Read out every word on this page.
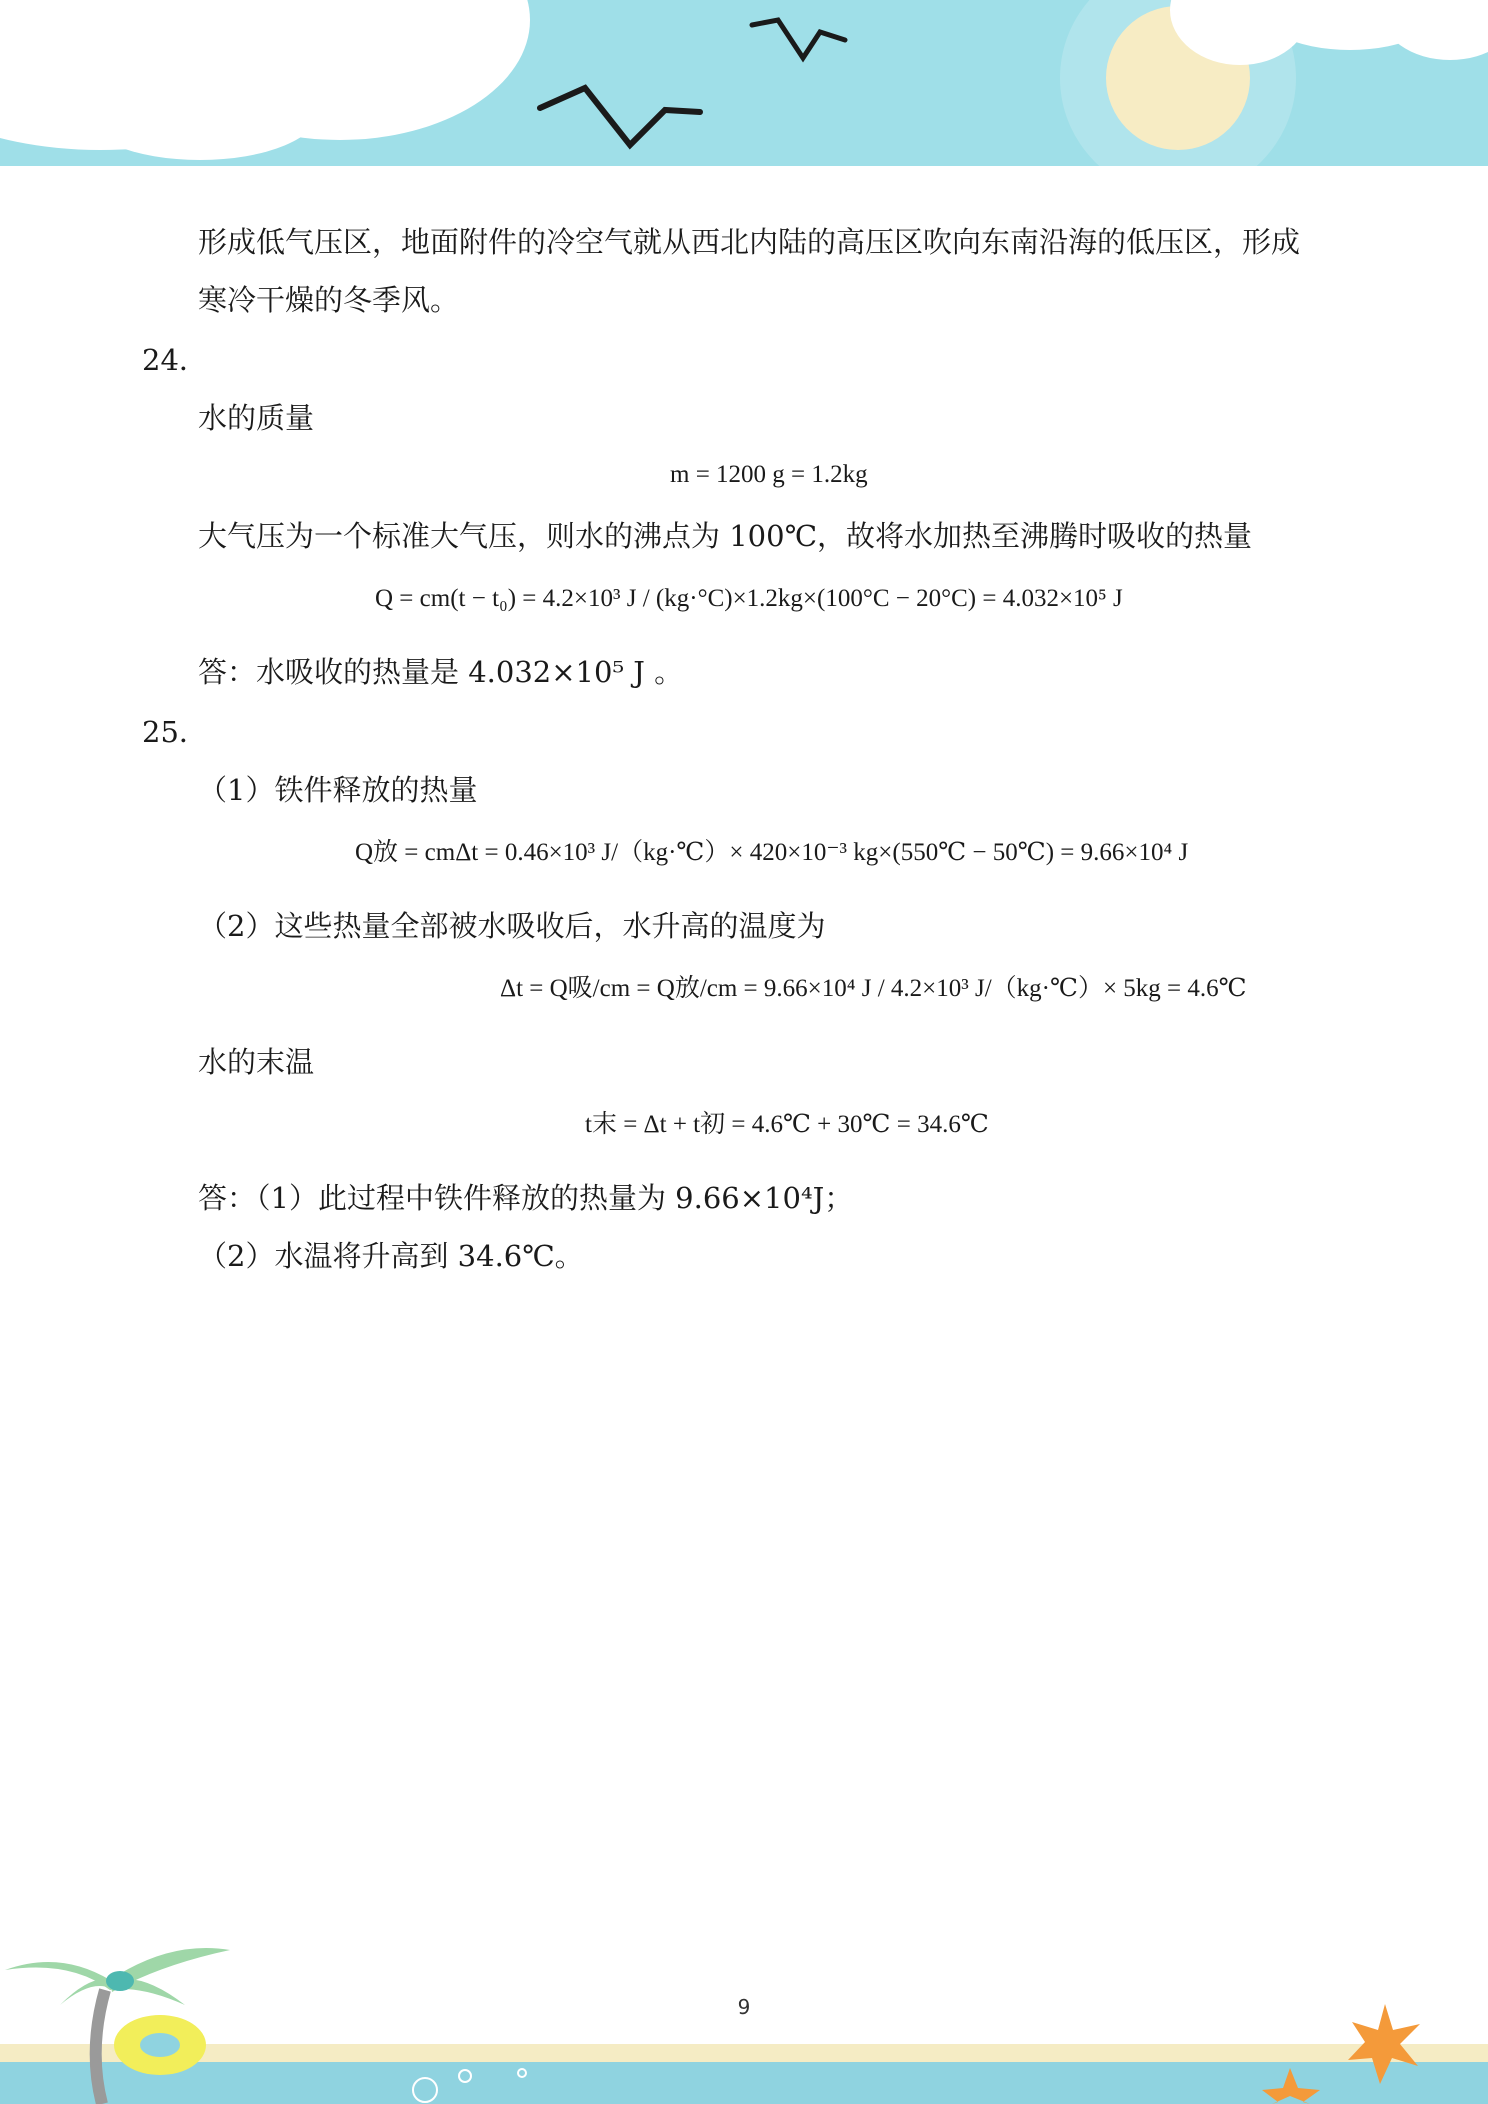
形成低气压区，地面附件的冷空气就从西北内陆的高压区吹向东南沿海的低压区，形成
寒冷干燥的冬季风。
24．
水的质量
m = 1200 g = 1.2kg
大气压为一个标准大气压，则水的沸点为 100℃，故将水加热至沸腾时吸收的热量
Q = cm(t − t₀) = 4.2×10³ J / (kg·°C)×1.2kg×(100°C − 20°C) = 4.032×10⁵ J
答：水吸收的热量是 4.032×10⁵ J 。
25．
（1）铁件释放的热量
Q放 = cmΔt = 0.46×10³ J/（kg·℃）× 420×10⁻³ kg×(550℃ − 50℃) = 9.66×10⁴ J
（2）这些热量全部被水吸收后，水升高的温度为
Δt = Q吸/cm = Q放/cm = 9.66×10⁴ J / 4.2×10³ J/（kg·℃）× 5kg = 4.6℃
水的末温
t末 = Δt + t初 = 4.6℃ + 30℃ = 34.6℃
答：（1）此过程中铁件释放的热量为 9.66×10⁴J；
（2）水温将升高到 34.6℃。
9
